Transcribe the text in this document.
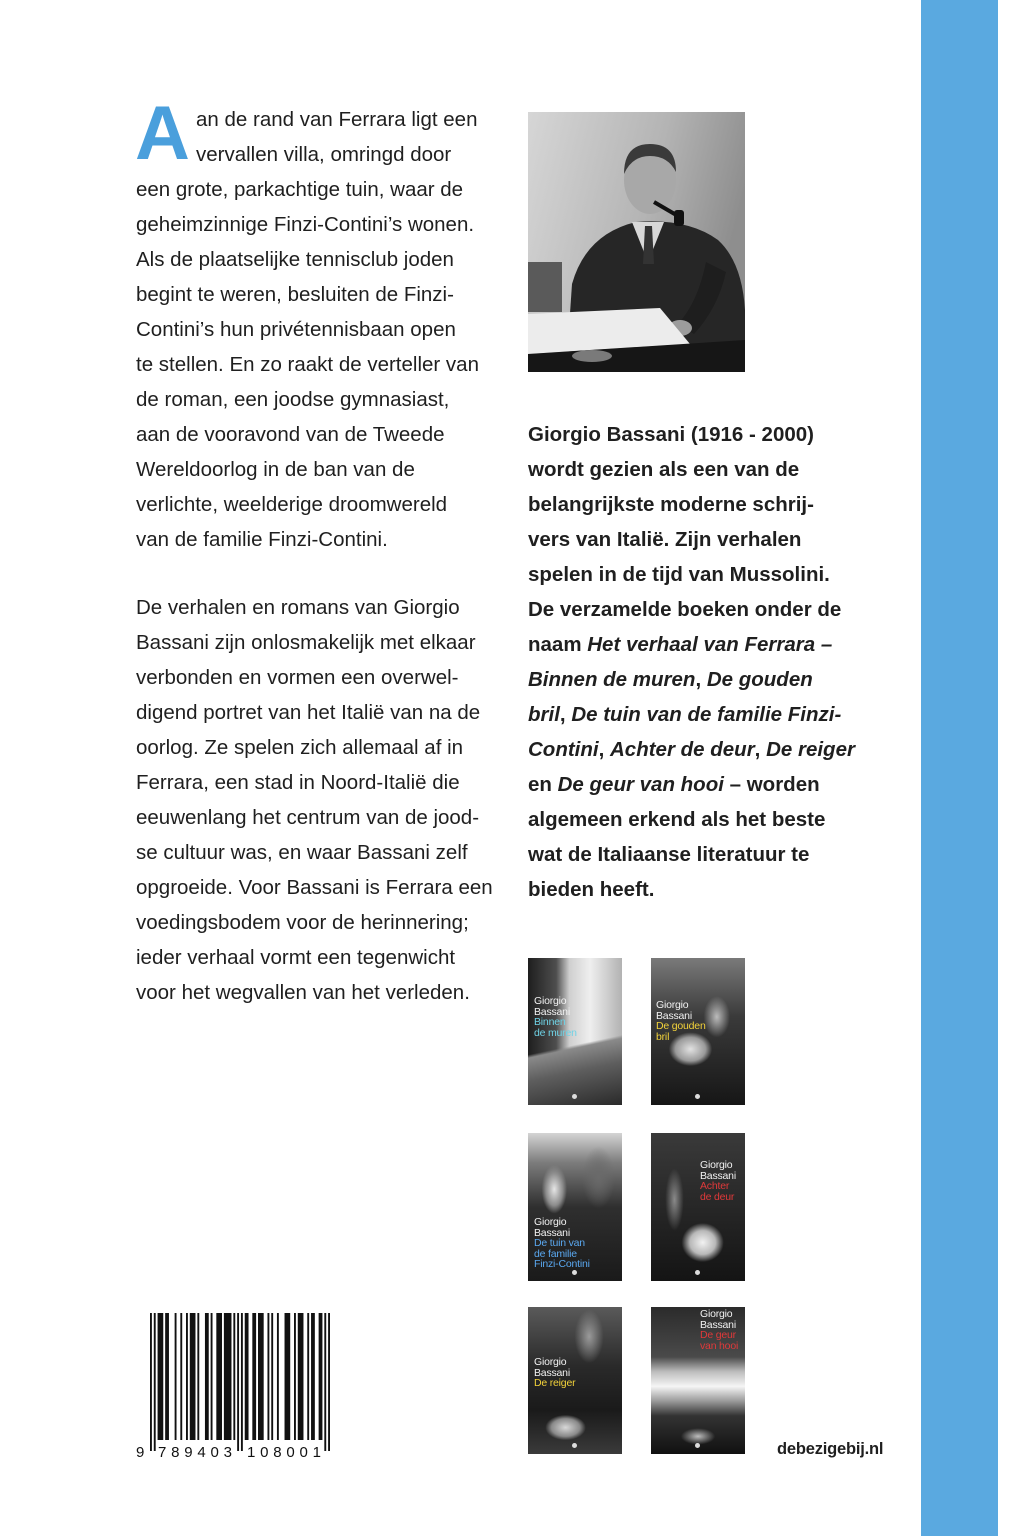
A an de rand van Ferrara ligt een
vervallen villa, omringd door
een grote, parkachtige tuin, waar de
geheimzinnige Finzi-Contini’s wonen.
Als de plaatselijke tennisclub joden
begint te weren, besluiten de Finzi-
Contini’s hun privétennisbaan open
te stellen. En zo raakt de verteller van
de roman, een joodse gymnasiast,
aan de vooravond van de Tweede
Wereldoorlog in de ban van de
verlichte, weelderige droomwereld
van de familie Finzi-Contini.
De verhalen en romans van Giorgio
Bassani zijn onlosmakelijk met elkaar
verbonden en vormen een overwel-
digend portret van het Italië van na de
oorlog. Ze spelen zich allemaal af in
Ferrara, een stad in Noord-Italië die
eeuwenlang het centrum van de jood-
se cultuur was, en waar Bassani zelf
opgroeide. Voor Bassani is Ferrara een
voedingsbodem voor de herinnering;
ieder verhaal vormt een tegenwicht
voor het wegvallen van het verleden.
Giorgio Bassani (1916 - 2000)
wordt gezien als een van de
belangrijkste moderne schrij-
vers van Italië. Zijn verhalen
spelen in de tijd van Mussolini.
De verzamelde boeken onder de
naam Het verhaal van Ferrara –
Binnen de muren, De gouden
bril, De tuin van de familie Finzi-
Contini, Achter de deur, De reiger
en De geur van hooi – worden
algemeen erkend als het beste
wat de Italiaanse literatuur te
bieden heeft.
Giorgio
Bassani
Binnen
de muren
Giorgio
Bassani
De gouden
bril
Giorgio
Bassani
De tuin van
de familie
Finzi-Contini
Giorgio
Bassani
Achter
de deur
Giorgio
Bassani
De reiger
Giorgio
Bassani
De geur
van hooi
9 789403 108001	debezigebij.nl
